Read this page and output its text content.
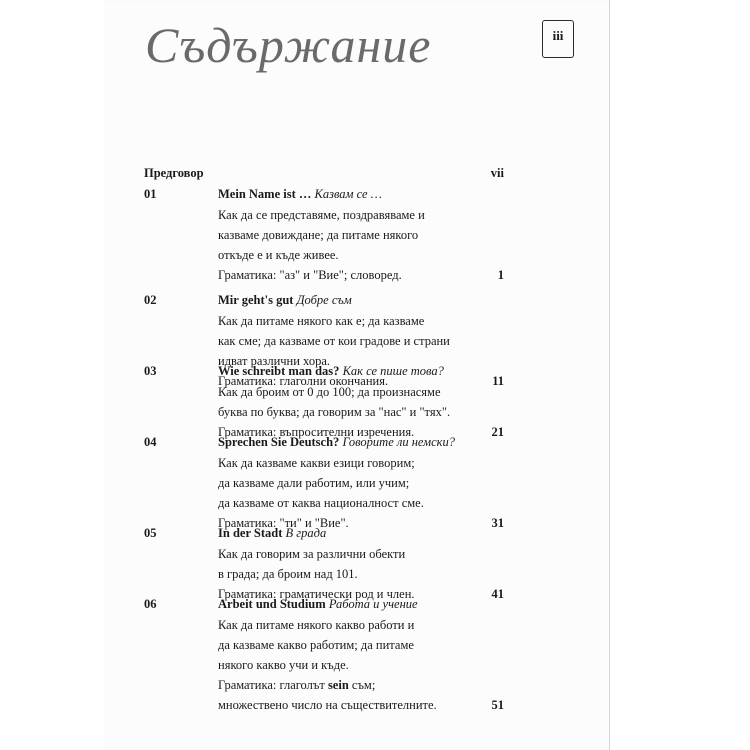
Съдържание	iii
Предговор	vii
01	Mein Name ist … Казвам се …
Как да се представяме, поздравяваме и
казваме довиждане; да питаме някого
откъде е и къде живее.
Граматика: "аз" и "Вие"; словоред.	1
02	Mir geht's gut Добре съм
Как да питаме някого как е; да казваме
как сме; да казваме от кои градове и страни
идват различни хора.
Граматика: глаголни окончания.	11
03	Wie schreibt man das? Как се пише това?
Как да броим от 0 до 100; да произнасяме
буква по буква; да говорим за "нас" и "тях".
Граматика: въпросителни изречения.	21
04	Sprechen Sie Deutsch? Говорите ли немски?
Как да казваме какви езици говорим;
да казваме дали работим, или учим;
да казваме от каква националност сме.
Граматика: "ти" и "Вие".	31
05	In der Stadt В града
Как да говорим за различни обекти
в града; да броим над 101.
Граматика: граматически род и член.	41
06	Arbeit und Studium Работа и учение
Как да питаме някого какво работи и
да казваме какво работим; да питаме
някого какво учи и къде.
Граматика: глаголът sein съм;
множествено число на съществителните.	51
